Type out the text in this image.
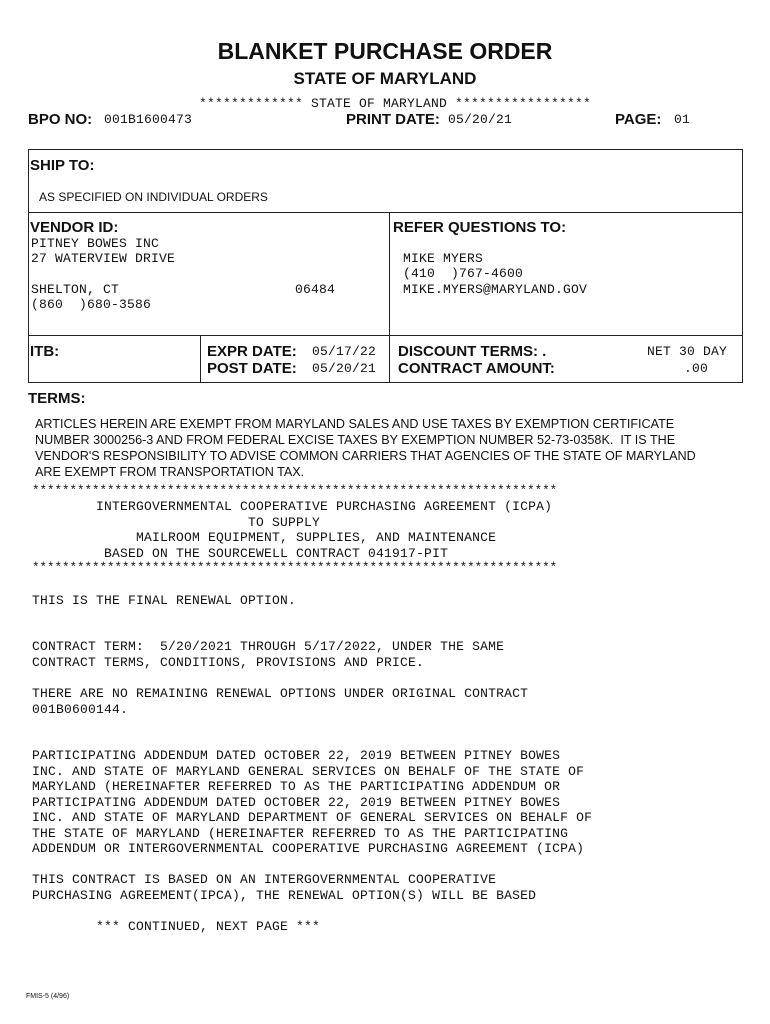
BLANKET PURCHASE ORDER
STATE OF MARYLAND
************* STATE OF MARYLAND *****************
BPO NO: 001B1600473	PRINT DATE: 05/20/21	PAGE: 01
SHIP TO:
AS SPECIFIED ON INDIVIDUAL ORDERS
VENDOR ID:
PITNEY BOWES INC
27 WATERVIEW DRIVE
SHELTON, CT	06484
(860  )680-3586
REFER QUESTIONS TO:
MIKE MYERS
(410  )767-4600
MIKE.MYERS@MARYLAND.GOV
ITB:	EXPR DATE: 05/17/22
POST DATE: 05/20/21
DISCOUNT TERMS: .	NET 30 DAY
CONTRACT AMOUNT:	.00
TERMS:
ARTICLES HEREIN ARE EXEMPT FROM MARYLAND SALES AND USE TAXES BY EXEMPTION CERTIFICATE
NUMBER 3000256-3 AND FROM FEDERAL EXCISE TAXES BY EXEMPTION NUMBER 52-73-0358K.  IT IS THE
VENDOR'S RESPONSIBILITY TO ADVISE COMMON CARRIERS THAT AGENCIES OF THE STATE OF MARYLAND
ARE EXEMPT FROM TRANSPORTATION TAX.
**********************************************************************
INTERGOVERNMENTAL COOPERATIVE PURCHASING AGREEMENT (ICPA)
TO SUPPLY
MAILROOM EQUIPMENT, SUPPLIES, AND MAINTENANCE
BASED ON THE SOURCEWELL CONTRACT 041917-PIT
**********************************************************************
THIS IS THE FINAL RENEWAL OPTION.
CONTRACT TERM:  5/20/2021 THROUGH 5/17/2022, UNDER THE SAME
CONTRACT TERMS, CONDITIONS, PROVISIONS AND PRICE.
THERE ARE NO REMAINING RENEWAL OPTIONS UNDER ORIGINAL CONTRACT
001B0600144.
PARTICIPATING ADDENDUM DATED OCTOBER 22, 2019 BETWEEN PITNEY BOWES
INC. AND STATE OF MARYLAND GENERAL SERVICES ON BEHALF OF THE STATE OF
MARYLAND (HEREINAFTER REFERRED TO AS THE PARTICIPATING ADDENDUM OR
PARTICIPATING ADDENDUM DATED OCTOBER 22, 2019 BETWEEN PITNEY BOWES
INC. AND STATE OF MARYLAND DEPARTMENT OF GENERAL SERVICES ON BEHALF OF
THE STATE OF MARYLAND (HEREINAFTER REFERRED TO AS THE PARTICIPATING
ADDENDUM OR INTERGOVERNMENTAL COOPERATIVE PURCHASING AGREEMENT (ICPA)
THIS CONTRACT IS BASED ON AN INTERGOVERNMENTAL COOPERATIVE
PURCHASING AGREEMENT(IPCA), THE RENEWAL OPTION(S) WILL BE BASED
*** CONTINUED, NEXT PAGE ***
FMIS-5 (4/96)
